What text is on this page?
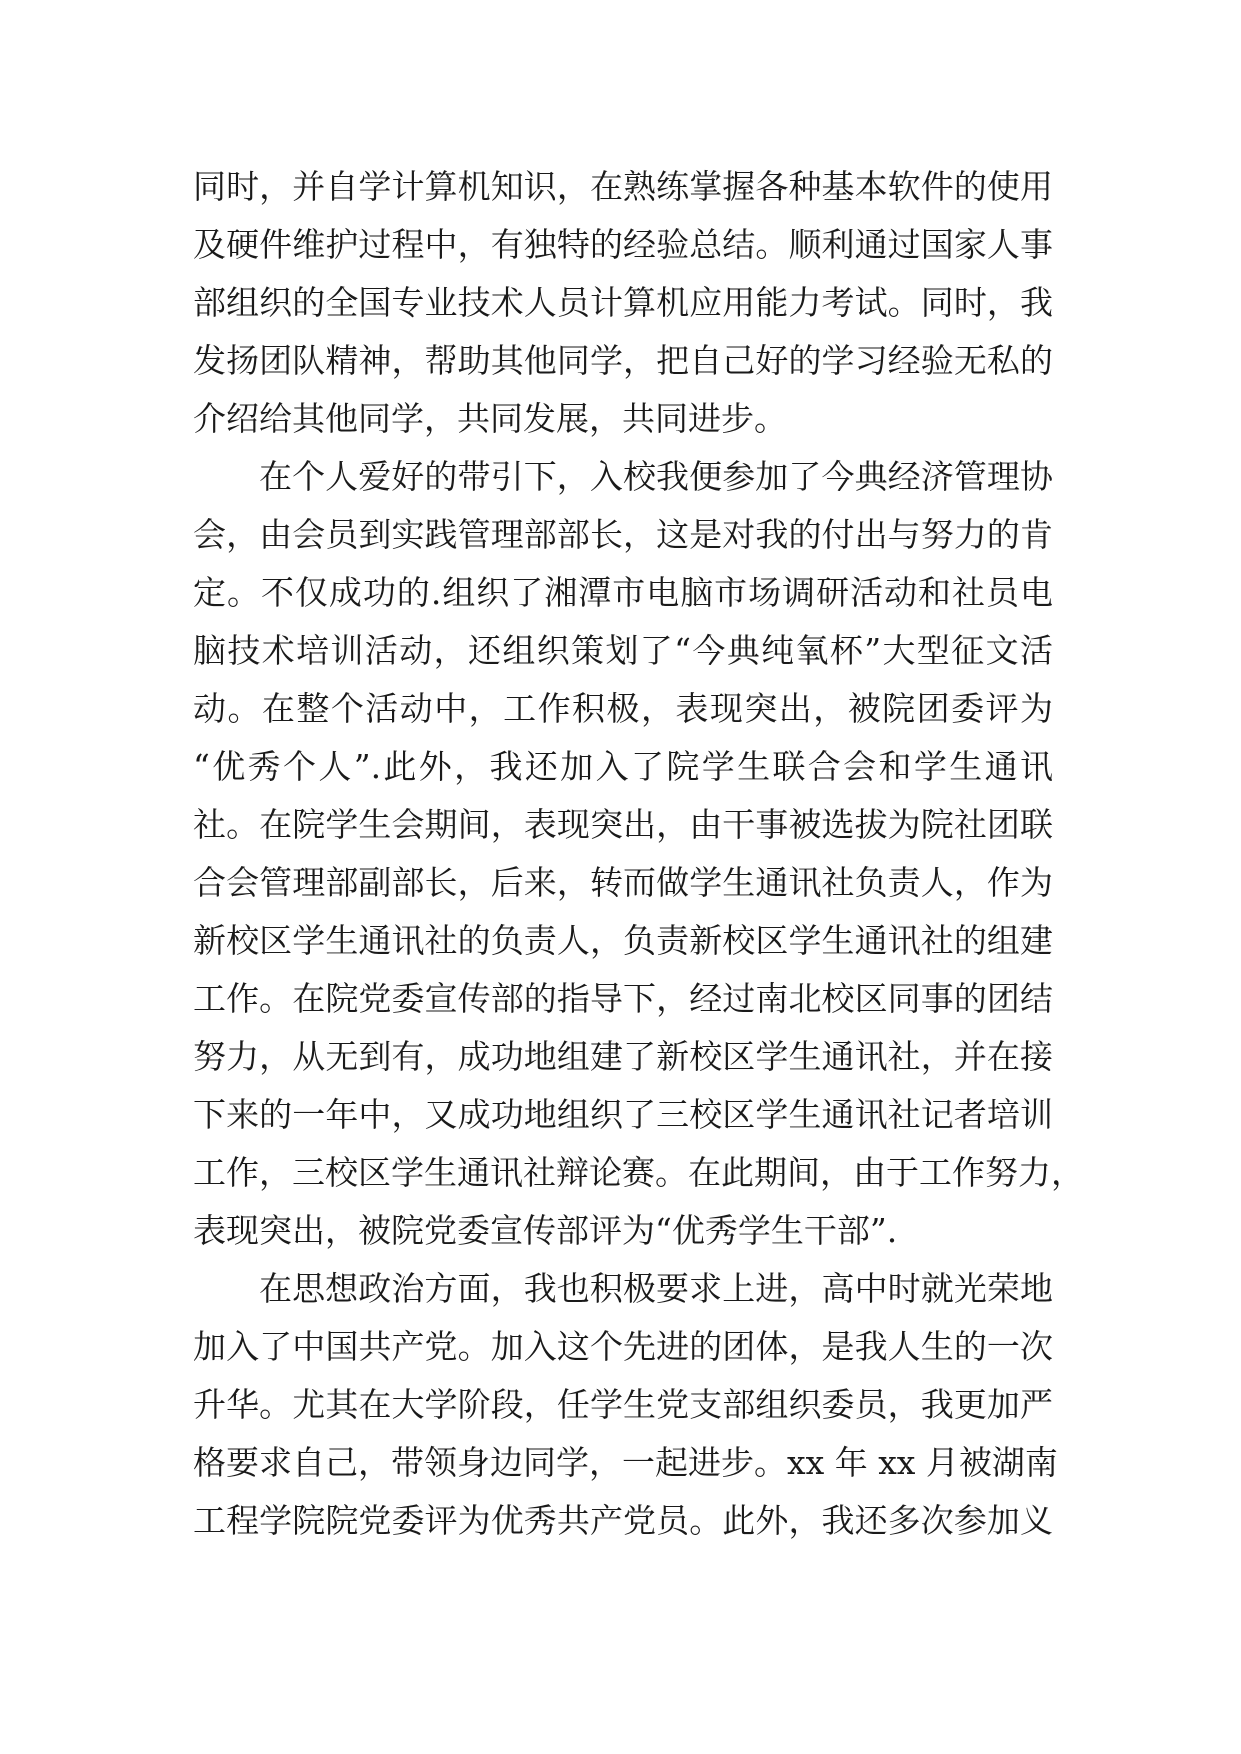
同时，并自学计算机知识，在熟练掌握各种基本软件的使用
及硬件维护过程中，有独特的经验总结。顺利通过国家人事
部组织的全国专业技术人员计算机应用能力考试。同时，我
发扬团队精神，帮助其他同学，把自己好的学习经验无私的
介绍给其他同学，共同发展，共同进步。
在个人爱好的带引下，入校我便参加了今典经济管理协
会，由会员到实践管理部部长，这是对我的付出与努力的肯
定。不仅成功的.组织了湘潭市电脑市场调研活动和社员电
脑技术培训活动，还组织策划了“今典纯氧杯”大型征文活
动。在整个活动中，工作积极，表现突出，被院团委评为
“优秀个人”.此外，我还加入了院学生联合会和学生通讯
社。在院学生会期间，表现突出，由干事被选拔为院社团联
合会管理部副部长，后来，转而做学生通讯社负责人，作为
新校区学生通讯社的负责人，负责新校区学生通讯社的组建
工作。在院党委宣传部的指导下，经过南北校区同事的团结
努力，从无到有，成功地组建了新校区学生通讯社，并在接
下来的一年中，又成功地组织了三校区学生通讯社记者培训
工作，三校区学生通讯社辩论赛。在此期间，由于工作努力，
表现突出，被院党委宣传部评为“优秀学生干部”.
在思想政治方面，我也积极要求上进，高中时就光荣地
加入了中国共产党。加入这个先进的团体，是我人生的一次
升华。尤其在大学阶段，任学生党支部组织委员，我更加严
格要求自己，带领身边同学，一起进步。xx 年 xx 月被湖南
工程学院院党委评为优秀共产党员。此外，我还多次参加义
